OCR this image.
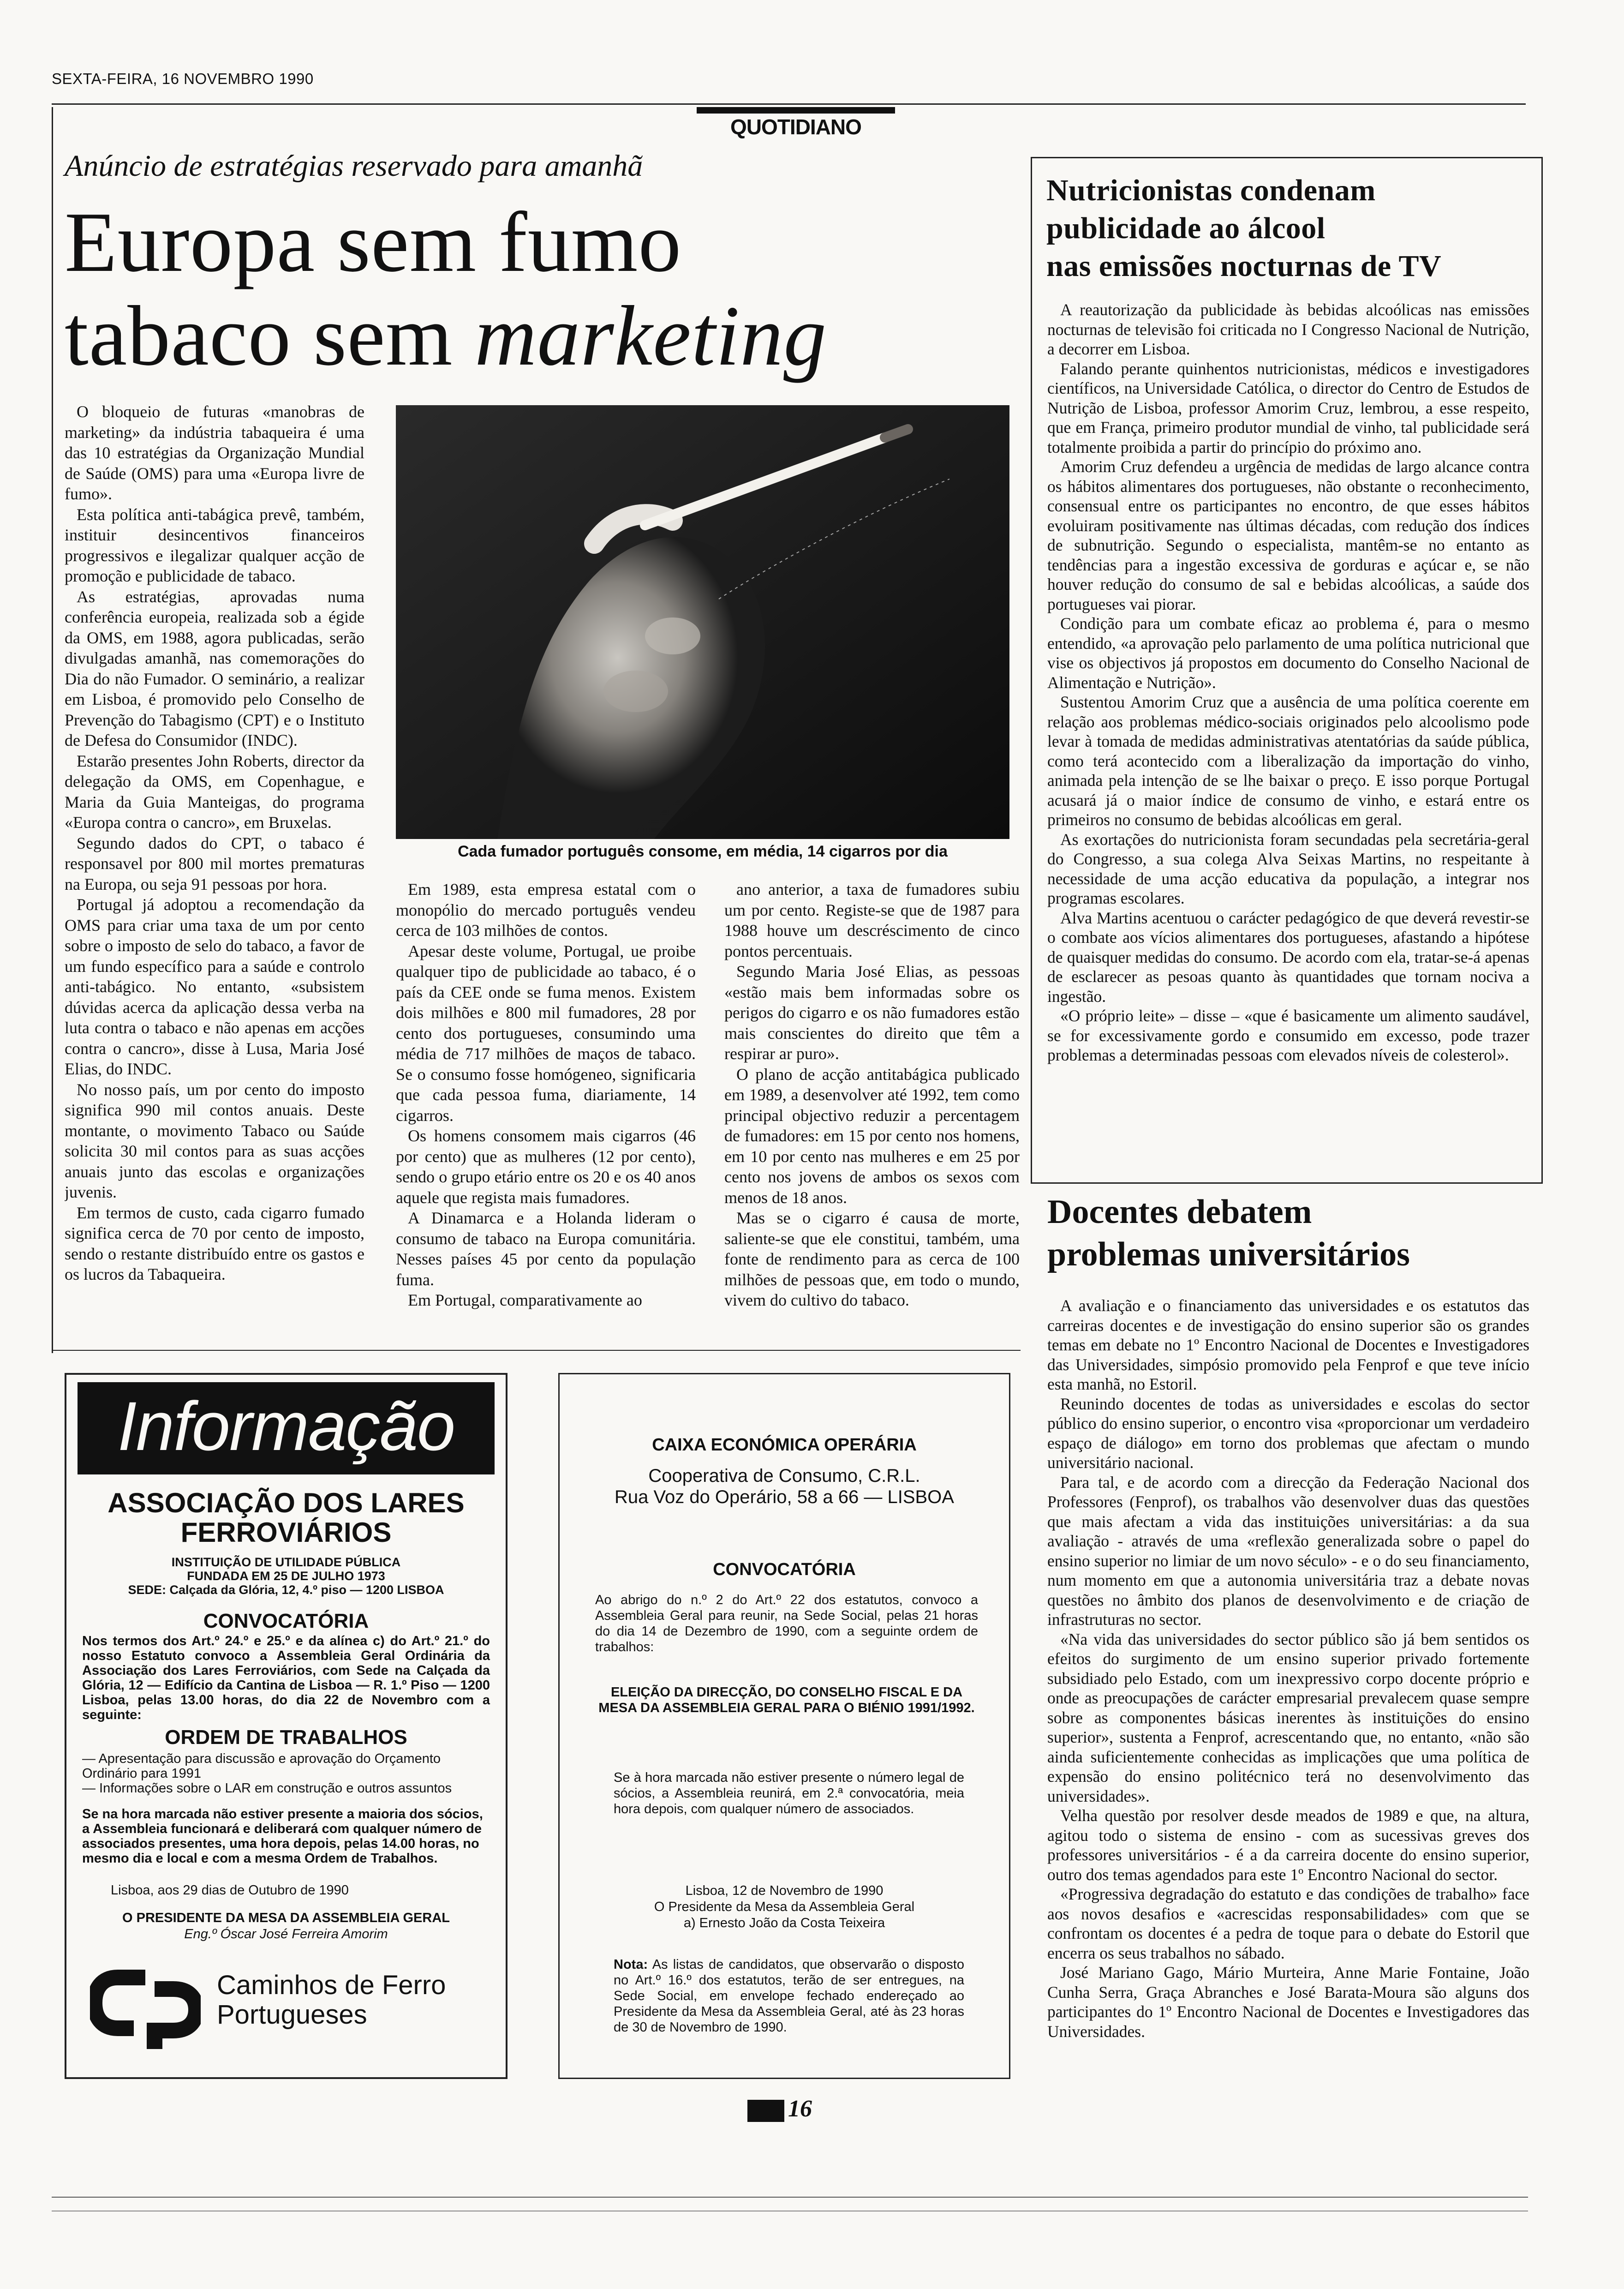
SEXTA-FEIRA, 16 NOVEMBRO 1990
QUOTIDIANO
Anúncio de estratégias reservado para amanhã
Europa sem fumo
tabaco sem marketing
Cada fumador português consome, em média, 14 cigarros por dia

O bloqueio de futuras «manobras de marketing» da indústria tabaqueira é uma das 10 estratégias da Organização Mundial de Saúde (OMS) para uma «Europa livre de fumo».

Esta política anti-tabágica prevê, também, instituir desincentivos financeiros progressivos e ilegalizar qualquer acção de promoção e publicidade de tabaco.

As estratégias, aprovadas numa conferência europeia, realizada sob a égide da OMS, em 1988, agora publicadas, serão divulgadas amanhã, nas comemorações do Dia do não Fumador. O seminário, a realizar em Lisboa, é promovido pelo Conselho de Prevenção do Tabagismo (CPT) e o Instituto de Defesa do Consumidor (INDC).

Estarão presentes John Roberts, director da delegação da OMS, em Copenhague, e Maria da Guia Manteigas, do programa «Europa contra o cancro», em Bruxelas.

Segundo dados do CPT, o tabaco é responsavel por 800 mil mortes prematuras na Europa, ou seja 91 pessoas por hora.

Portugal já adoptou a recomendação da OMS para criar uma taxa de um por cento sobre o imposto de selo do tabaco, a favor de um fundo específico para a saúde e controlo anti-tabágico. No entanto, «subsistem dúvidas acerca da aplicação dessa verba na luta contra o tabaco e não apenas em acções contra o cancro», disse à Lusa, Maria José Elias, do INDC.

No nosso país, um por cento do imposto significa 990 mil contos anuais. Deste montante, o movimento Tabaco ou Saúde solicita 30 mil contos para as suas acções anuais junto das escolas e organizações juvenis.

Em termos de custo, cada cigarro fumado significa cerca de 70 por cento de imposto, sendo o restante distribuído entre os gastos e os lucros da Tabaqueira.

Em 1989, esta empresa estatal com o monopólio do mercado português vendeu cerca de 103 milhões de contos.

Apesar deste volume, Portugal, ue proibe qualquer tipo de publicidade ao tabaco, é o país da CEE onde se fuma menos. Existem dois milhões e 800 mil fumadores, 28 por cento dos portugueses, consumindo uma média de 717 milhões de maços de tabaco. Se o consumo fosse homógeneo, significaria que cada pessoa fuma, diariamente, 14 cigarros.

Os homens consomem mais cigarros (46 por cento) que as mulheres (12 por cento), sendo o grupo etário entre os 20 e os 40 anos aquele que regista mais fumadores.

A Dinamarca e a Holanda lideram o consumo de tabaco na Europa comunitária. Nesses países 45 por cento da população fuma.

Em Portugal, comparativamente ao

ano anterior, a taxa de fumadores subiu um por cento. Registe-se que de 1987 para 1988 houve um descréscimento de cinco pontos percentuais.

Segundo Maria José Elias, as pessoas «estão mais bem informadas sobre os perigos do cigarro e os não fumadores estão mais conscientes do direito que têm a respirar ar puro».

O plano de acção antitabágica publicado em 1989, a desenvolver até 1992, tem como principal objectivo reduzir a percentagem de fumadores: em 15 por cento nos homens, em 10 por cento nas mulheres e em 25 por cento nos jovens de ambos os sexos com menos de 18 anos.

Mas se o cigarro é causa de morte, saliente-se que ele constitui, também, uma fonte de rendimento para as cerca de 100 milhões de pessoas que, em todo o mundo, vivem do cultivo do tabaco.

Nutricionistas condenam
publicidade ao álcool
nas emissões nocturnas de TV

A reautorização da publicidade às bebidas alcoólicas nas emissões nocturnas de televisão foi criticada no I Congresso Nacional de Nutrição, a decorrer em Lisboa.

Falando perante quinhentos nutricionistas, médicos e investigadores científicos, na Universidade Católica, o director do Centro de Estudos de Nutrição de Lisboa, professor Amorim Cruz, lembrou, a esse respeito, que em França, primeiro produtor mundial de vinho, tal publicidade será totalmente proibida a partir do princípio do próximo ano.

Amorim Cruz defendeu a urgência de medidas de largo alcance contra os hábitos alimentares dos portugueses, não obstante o reconhecimento, consensual entre os participantes no encontro, de que esses hábitos evoluiram positivamente nas últimas décadas, com redução dos índices de subnutrição. Segundo o especialista, mantêm-se no entanto as tendências para a ingestão excessiva de gorduras e açúcar e, se não houver redução do consumo de sal e bebidas alcoólicas, a saúde dos portugueses vai piorar.

Condição para um combate eficaz ao problema é, para o mesmo entendido, «a aprovação pelo parlamento de uma política nutricional que vise os objectivos já propostos em documento do Conselho Nacional de Alimentação e Nutrição».

Sustentou Amorim Cruz que a ausência de uma política coerente em relação aos problemas médico-sociais originados pelo alcoolismo pode levar à tomada de medidas administrativas atentatórias da saúde pública, como terá acontecido com a liberalização da importação do vinho, animada pela intenção de se lhe baixar o preço. E isso porque Portugal acusará já o maior índice de consumo de vinho, e estará entre os primeiros no consumo de bebidas alcoólicas em geral.

As exortações do nutricionista foram secundadas pela secretária-geral do Congresso, a sua colega Alva Seixas Martins, no respeitante à necessidade de uma acção educativa da população, a integrar nos programas escolares.

Alva Martins acentuou o carácter pedagógico de que deverá revestir-se o combate aos vícios alimentares dos portugueses, afastando a hipótese de quaisquer medidas do consumo. De acordo com ela, tratar-se-á apenas de esclarecer as pesoas quanto às quantidades que tornam nociva a ingestão.

«O próprio leite» – disse – «que é basicamente um alimento saudável, se for excessivamente gordo e consumido em excesso, pode trazer problemas a determinadas pessoas com elevados níveis de colesterol».

Docentes debatem
problemas universitários

A avaliação e o financiamento das universidades e os estatutos das carreiras docentes e de investigação do ensino superior são os grandes temas em debate no 1º Encontro Nacional de Docentes e Investigadores das Universidades, simpósio promovido pela Fenprof e que teve início esta manhã, no Estoril.

Reunindo docentes de todas as universidades e escolas do sector público do ensino superior, o encontro visa «proporcionar um verdadeiro espaço de diálogo» em torno dos problemas que afectam o mundo universitário nacional.

Para tal, e de acordo com a direcção da Federação Nacional dos Professores (Fenprof), os trabalhos vão desenvolver duas das questões que mais afectam a vida das instituições universitárias: a da sua avaliação - através de uma «reflexão generalizada sobre o papel do ensino superior no limiar de um novo século» - e o do seu financiamento, num momento em que a autonomia universitária traz a debate novas questões no âmbito dos planos de desenvolvimento e de criação de infrastruturas no sector.

«Na vida das universidades do sector público são já bem sentidos os efeitos do surgimento de um ensino superior privado fortemente subsidiado pelo Estado, com um inexpressivo corpo docente próprio e onde as preocupações de carácter empresarial prevalecem quase sempre sobre as componentes básicas inerentes às instituições do ensino superior», sustenta a Fenprof, acrescentando que, no entanto, «não são ainda suficientemente conhecidas as implicações que uma política de expensão do ensino politécnico terá no desenvolvimento das universidades».

Velha questão por resolver desde meados de 1989 e que, na altura, agitou todo o sistema de ensino - com as sucessivas greves dos professores universitários - é a da carreira docente do ensino superior, outro dos temas agendados para este 1º Encontro Nacional do sector.

«Progressiva degradação do estatuto e das condições de trabalho» face aos novos desafios e «acrescidas responsabilidades» com que se confrontam os docentes é a pedra de toque para o debate do Estoril que encerra os seus trabalhos no sábado.

José Mariano Gago, Mário Murteira, Anne Marie Fontaine, João Cunha Serra, Graça Abranches e José Barata-Moura são alguns dos participantes do 1º Encontro Nacional de Docentes e Investigadores das Universidades.

Informação
ASSOCIAÇÃO DOS LARES
FERROVIÁRIOS
INSTITUIÇÃO DE UTILIDADE PÚBLICA
FUNDADA EM 25 DE JULHO 1973
SEDE: Calçada da Glória, 12, 4.º piso — 1200 LISBOA
CONVOCATÓRIA
Nos termos dos Art.º 24.º e 25.º e da alínea c) do Art.º 21.º do nosso Estatuto convoco a Assembleia Geral Ordinária da Associação dos Lares Ferroviários, com Sede na Calçada da Glória, 12 — Edifício da Cantina de Lisboa — R. 1.º Piso — 1200 Lisboa, pelas 13.00 horas, do dia 22 de Novembro com a seguinte:
ORDEM DE TRABALHOS
— Apresentação para discussão e aprovação do Orçamento Ordinário para 1991
— Informações sobre o LAR em construção e outros assuntos
Se na hora marcada não estiver presente a maioria dos sócios, a Assembleia funcionará e deliberará com qualquer número de associados presentes, uma hora depois, pelas 14.00 horas, no mesmo dia e local e com a mesma Ordem de Trabalhos.
Lisboa, aos 29 dias de Outubro de 1990
O PRESIDENTE DA MESA DA ASSEMBLEIA GERAL
Eng.º Óscar José Ferreira Amorim
Caminhos de Ferro
Portugueses
CAIXA ECONÓMICA OPERÁRIA
Cooperativa de Consumo, C.R.L.
Rua Voz do Operário, 58 a 66 — LISBOA
CONVOCATÓRIA
Ao abrigo do n.º 2 do Art.º 22 dos estatutos, convoco a Assembleia Geral para reunir, na Sede Social, pelas 21 horas do dia 14 de Dezembro de 1990, com a seguinte ordem de trabalhos:
ELEIÇÃO DA DIRECÇÃO, DO CONSELHO FISCAL E DA MESA DA ASSEMBLEIA GERAL PARA O BIÉNIO 1991/1992.
Se à hora marcada não estiver presente o número legal de sócios, a Assembleia reunirá, em 2.ª convocatória, meia hora depois, com qualquer número de associados.
Lisboa, 12 de Novembro de 1990
O Presidente da Mesa da Assembleia Geral
a) Ernesto João da Costa Teixeira
Nota: As listas de candidatos, que observarão o disposto no Art.º 16.º dos estatutos, terão de ser entregues, na Sede Social, em envelope fechado endereçado ao Presidente da Mesa da Assembleia Geral, até às 23 horas de 30 de Novembro de 1990.
16
